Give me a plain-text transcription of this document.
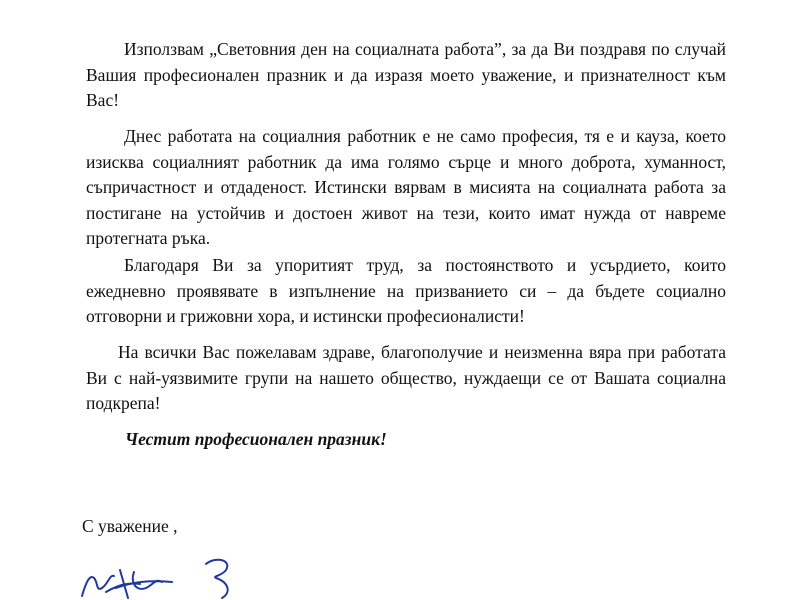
Използвам „Световния ден на социалната работа”, за да Ви поздравя по случай Вашия професионален празник и да изразя моето уважение, и признателност към Вас!

Днес работата на социалния работник е не само професия, тя е и кауза, което изисква социалният работник да има голямо сърце и много доброта, хуманност, съпричастност и отдаденост. Истински вярвам в мисията на социалната работа за постигане на устойчив и достоен живот на тези, които имат нужда от навреме протегната ръка.

Благодаря Ви за упоритият труд, за постоянството и усърдието, които ежедневно проявявате в изпълнение на призванието си – да бъдете социално отговорни и грижовни хора, и истински професионалисти!

На всички Вас пожелавам здраве, благополучие и неизменна вяра при работата Ви с най-уязвимите групи на нашето общество, нуждаещи се от Вашата социална подкрепа!

Честит професионален празник!

С уважение ,
